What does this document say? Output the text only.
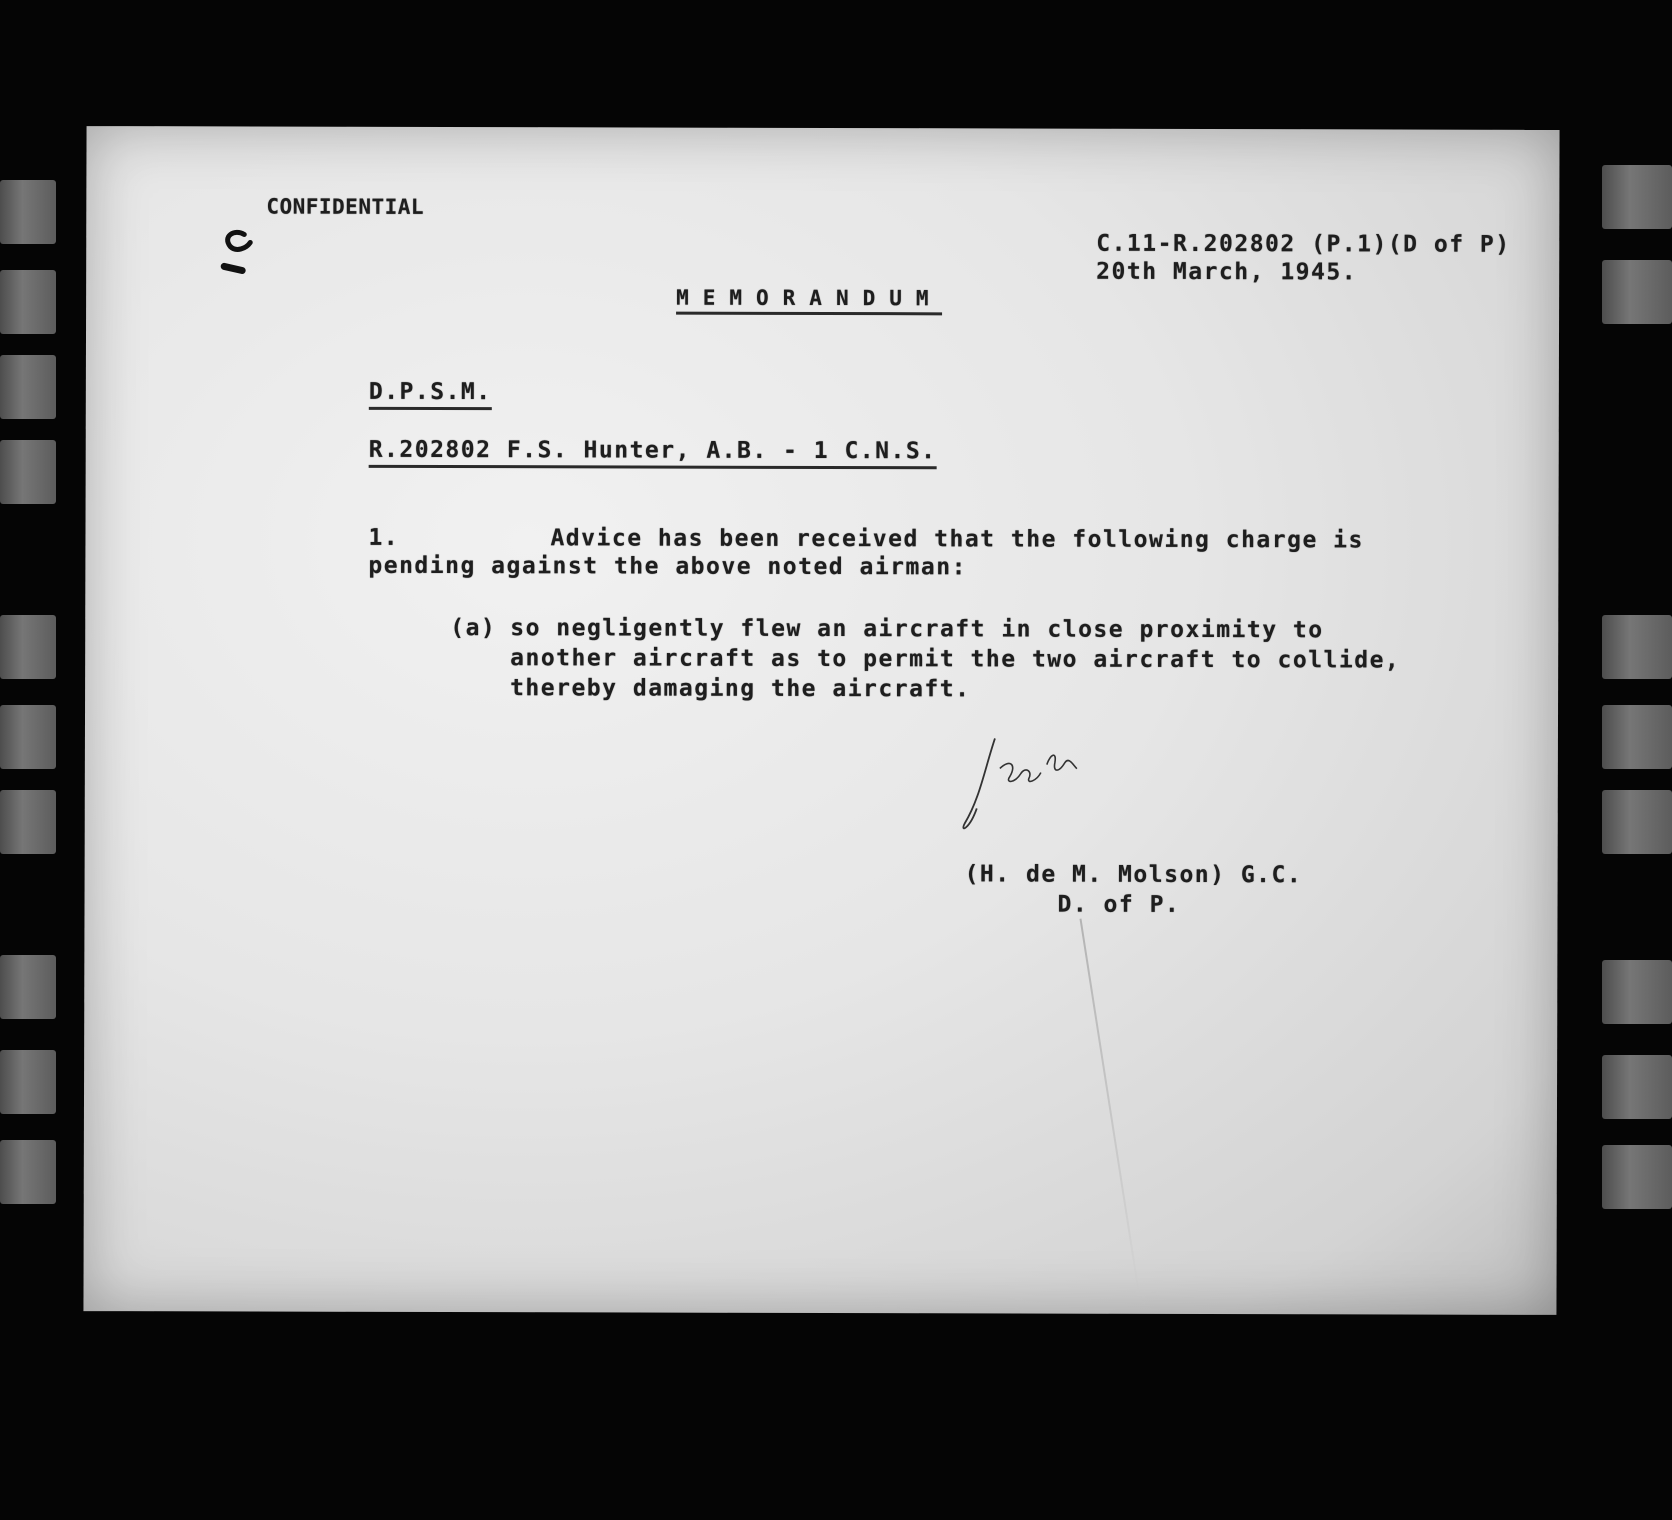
CONFIDENTIAL
C.11-R.202802 (P.1)(D of P)
20th March, 1945.
MEMORANDUM
D.P.S.M.
R.202802 F.S. Hunter, A.B. - 1 C.N.S.
1.	Advice has been received that the following charge is
pending against the above noted airman:
(a) so negligently flew an aircraft in close proximity to
another aircraft as to permit the two aircraft to collide,
thereby damaging the aircraft.
(H. de M. Molson) G.C.
D. of P.
